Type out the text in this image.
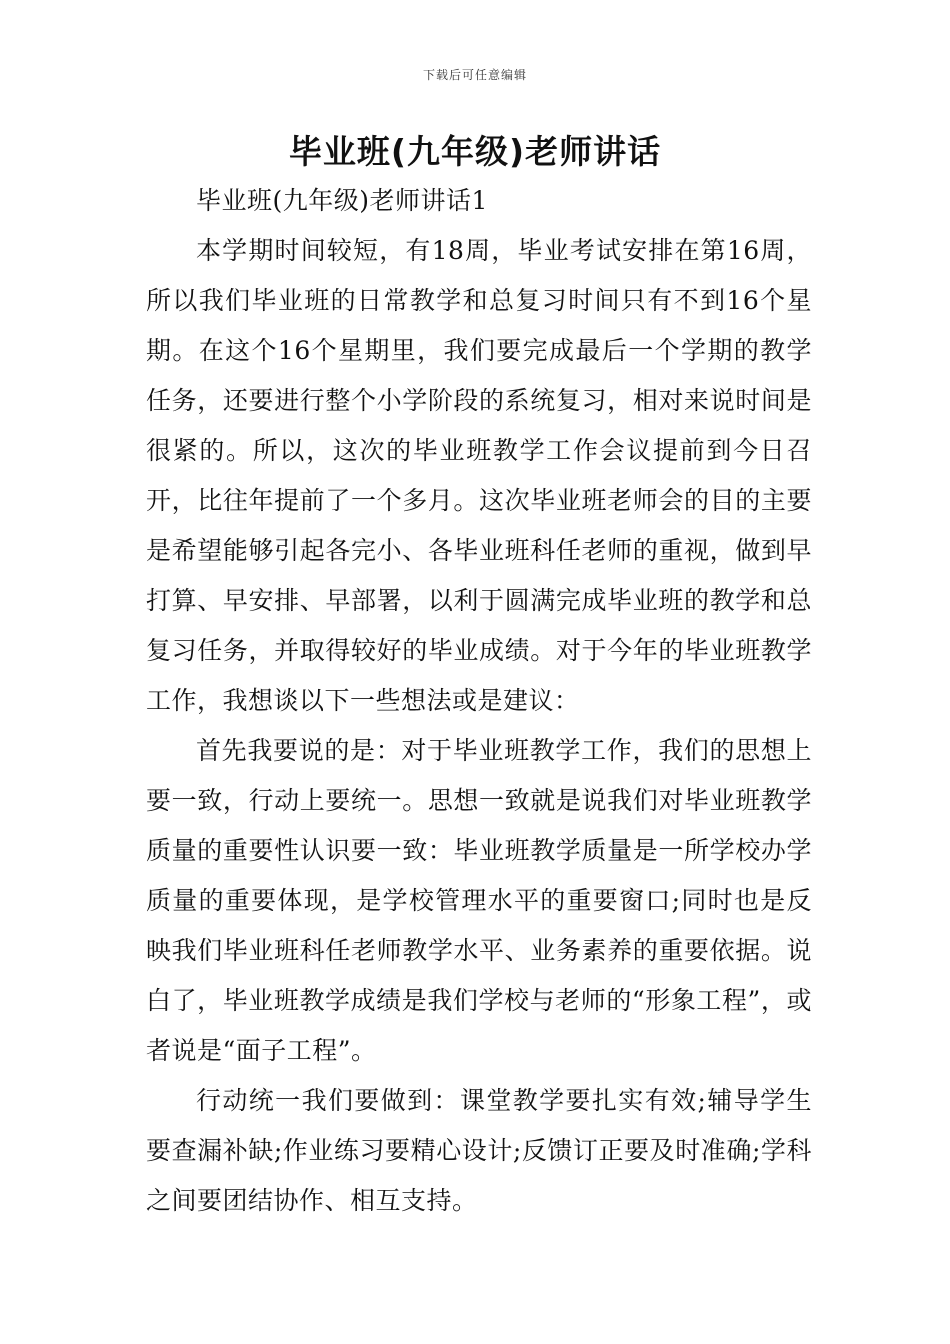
下载后可任意编辑
毕业班(九年级)老师讲话

毕业班(九年级)老师讲话1

本学期时间较短，有18周，毕业考试安排在第16周，所以我们毕业班的日常教学和总复习时间只有不到16个星期。在这个16个星期里，我们要完成最后一个学期的教学任务，还要进行整个小学阶段的系统复习，相对来说时间是很紧的。所以，这次的毕业班教学工作会议提前到今日召开，比往年提前了一个多月。这次毕业班老师会的目的主要是希望能够引起各完小、各毕业班科任老师的重视，做到早打算、早安排、早部署，以利于圆满完成毕业班的教学和总复习任务，并取得较好的毕业成绩。对于今年的毕业班教学工作，我想谈以下一些想法或是建议：

首先我要说的是：对于毕业班教学工作，我们的思想上要一致，行动上要统一。思想一致就是说我们对毕业班教学质量的重要性认识要一致：毕业班教学质量是一所学校办学质量的重要体现，是学校管理水平的重要窗口;同时也是反映我们毕业班科任老师教学水平、业务素养的重要依据。说白了，毕业班教学成绩是我们学校与老师的“形象工程”，或者说是“面子工程”。

行动统一我们要做到：课堂教学要扎实有效;辅导学生要查漏补缺;作业练习要精心设计;反馈订正要及时准确;学科之间要团结协作、相互支持。
